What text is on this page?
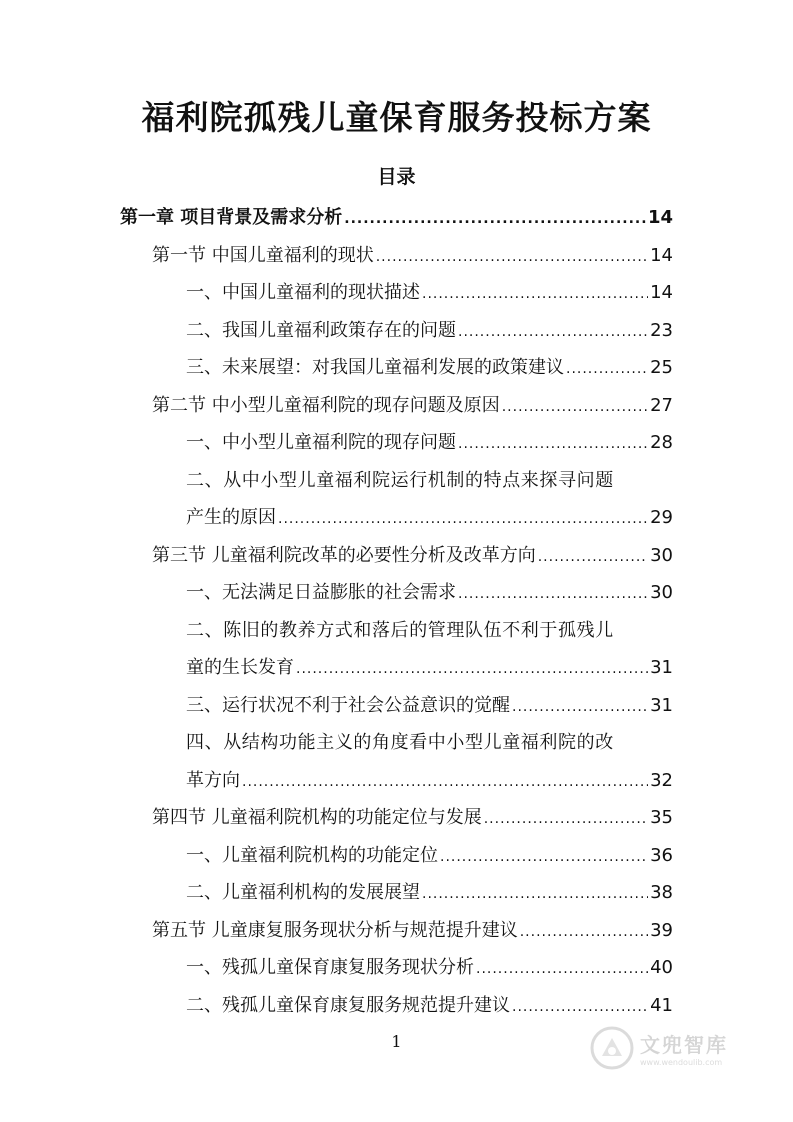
福利院孤残儿童保育服务投标方案
目录
第一章 项目背景及需求分析 .....	14
第一节 中国儿童福利的现状 .....	14
一、中国儿童福利的现状描述 .....	14
二、我国儿童福利政策存在的问题 .....	23
三、未来展望：对我国儿童福利发展的政策建议 .....	25
第二节 中小型儿童福利院的现存问题及原因 .....	27
一、中小型儿童福利院的现存问题 .....	28
二、从中小型儿童福利院运行机制的特点来探寻问题
产生的原因 .....	29
第三节 儿童福利院改革的必要性分析及改革方向 .....	30
一、无法满足日益膨胀的社会需求 .....	30
二、陈旧的教养方式和落后的管理队伍不利于孤残儿
童的生长发育 .....	31
三、运行状况不利于社会公益意识的觉醒 .....	31
四、从结构功能主义的角度看中小型儿童福利院的改
革方向 .....	32
第四节 儿童福利院机构的功能定位与发展 .....	35
一、儿童福利院机构的功能定位 .....	36
二、儿童福利机构的发展展望 .....	38
第五节 儿童康复服务现状分析与规范提升建议 .....	39
一、残孤儿童保育康复服务现状分析 .....	40
二、残孤儿童保育康复服务规范提升建议 .....	41
1	文兜智库
www.wendoulib.com
